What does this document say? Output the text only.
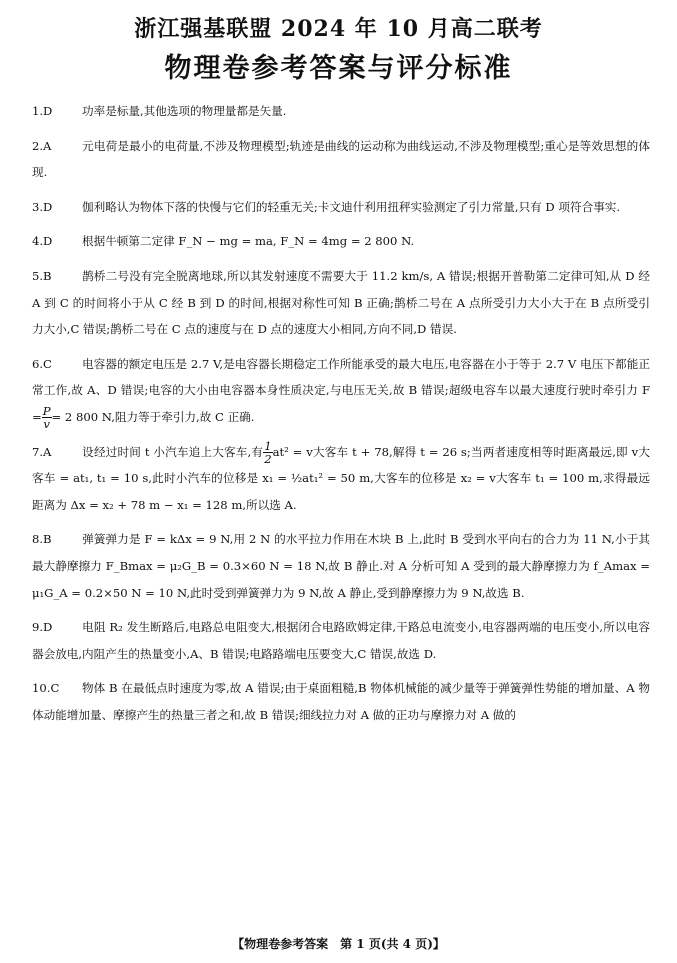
浙江强基联盟 2024 年 10 月高二联考
物理卷参考答案与评分标准
1.D	功率是标量,其他选项的物理量都是矢量.
2.A	元电荷是最小的电荷量,不涉及物理模型;轨迹是曲线的运动称为曲线运动,不涉及物理模型;重心是等效思想的体现.
3.D	伽利略认为物体下落的快慢与它们的轻重无关;卡文迪什利用扭秤实验测定了引力常量,只有 D 项符合事实.
4.D	根据牛顿第二定律 F_N − mg = ma, F_N = 4mg = 2 800 N.
5.B	鹊桥二号没有完全脱离地球,所以其发射速度不需要大于 11.2 km/s, A 错误;根据开普勒第二定律可知,从 D 经 A 到 C 的时间将小于从 C 经 B 到 D 的时间,根据对称性可知 B 正确;鹊桥二号在 A 点所受引力大小大于在 B 点所受引力大小,C 错误;鹊桥二号在 C 点的速度与在 D 点的速度大小相同,方向不同,D 错误.
6.C	电容器的额定电压是 2.7 V,是电容器长期稳定工作所能承受的最大电压,电容器在小于等于 2.7 V 电压下都能正常工作,故 A、D 错误;电容的大小由电容器本身性质决定,与电压无关,故 B 错误;超级电容车以最大速度行驶时牵引力 $F = \frac{P}{v} = 2$ 800 N,阻力等于牵引力,故 C 正确.
7.A	设经过时间 t 小汽车追上大客车,有 $\frac{1}{2} at^2 = v$大客车 t + 78,解得 t = 26 s;当两者速度相等时距离最远,即 v大客车 = at₁, t₁ = 10 s,此时小汽车的位移是 x₁ = ½at₁² = 50 m,大客车的位移是 x₂ = v大客车 t₁ = 100 m,求得最远距离为 Δx = x₂ + 78 m − x₁ = 128 m,所以选 A.
8.B	弹簧弹力是 F = kΔx = 9 N,用 2 N 的水平拉力作用在木块 B 上,此时 B 受到水平向右的合力为 11 N,小于其最大静摩擦力 F_Bmax = μ₂G_B = 0.3×60 N = 18 N,故 B 静止.对 A 分析可知 A 受到的最大静摩擦力为 f_Amax = μ₁G_A = 0.2×50 N = 10 N,此时受到弹簧弹力为 9 N,故 A 静止,受到静摩擦力为 9 N,故选 B.
9.D	电阻 R₂ 发生断路后,电路总电阻变大,根据闭合电路欧姆定律,干路总电流变小,电容器两端的电压变小,所以电容器会放电,内阻产生的热量变小,A、B 错误;电路路端电压要变大,C 错误,故选 D.
10.C 物体 B 在最低点时速度为零,故 A 错误;由于桌面粗糙,B 物体机械能的减少量等于弹簧弹性势能的增加量、A 物体动能增加量、摩擦产生的热量三者之和,故 B 错误;细线拉力对 A 做的正功与摩擦力对 A 做的
【物理卷参考答案　第 1 页(共 4 页)】
